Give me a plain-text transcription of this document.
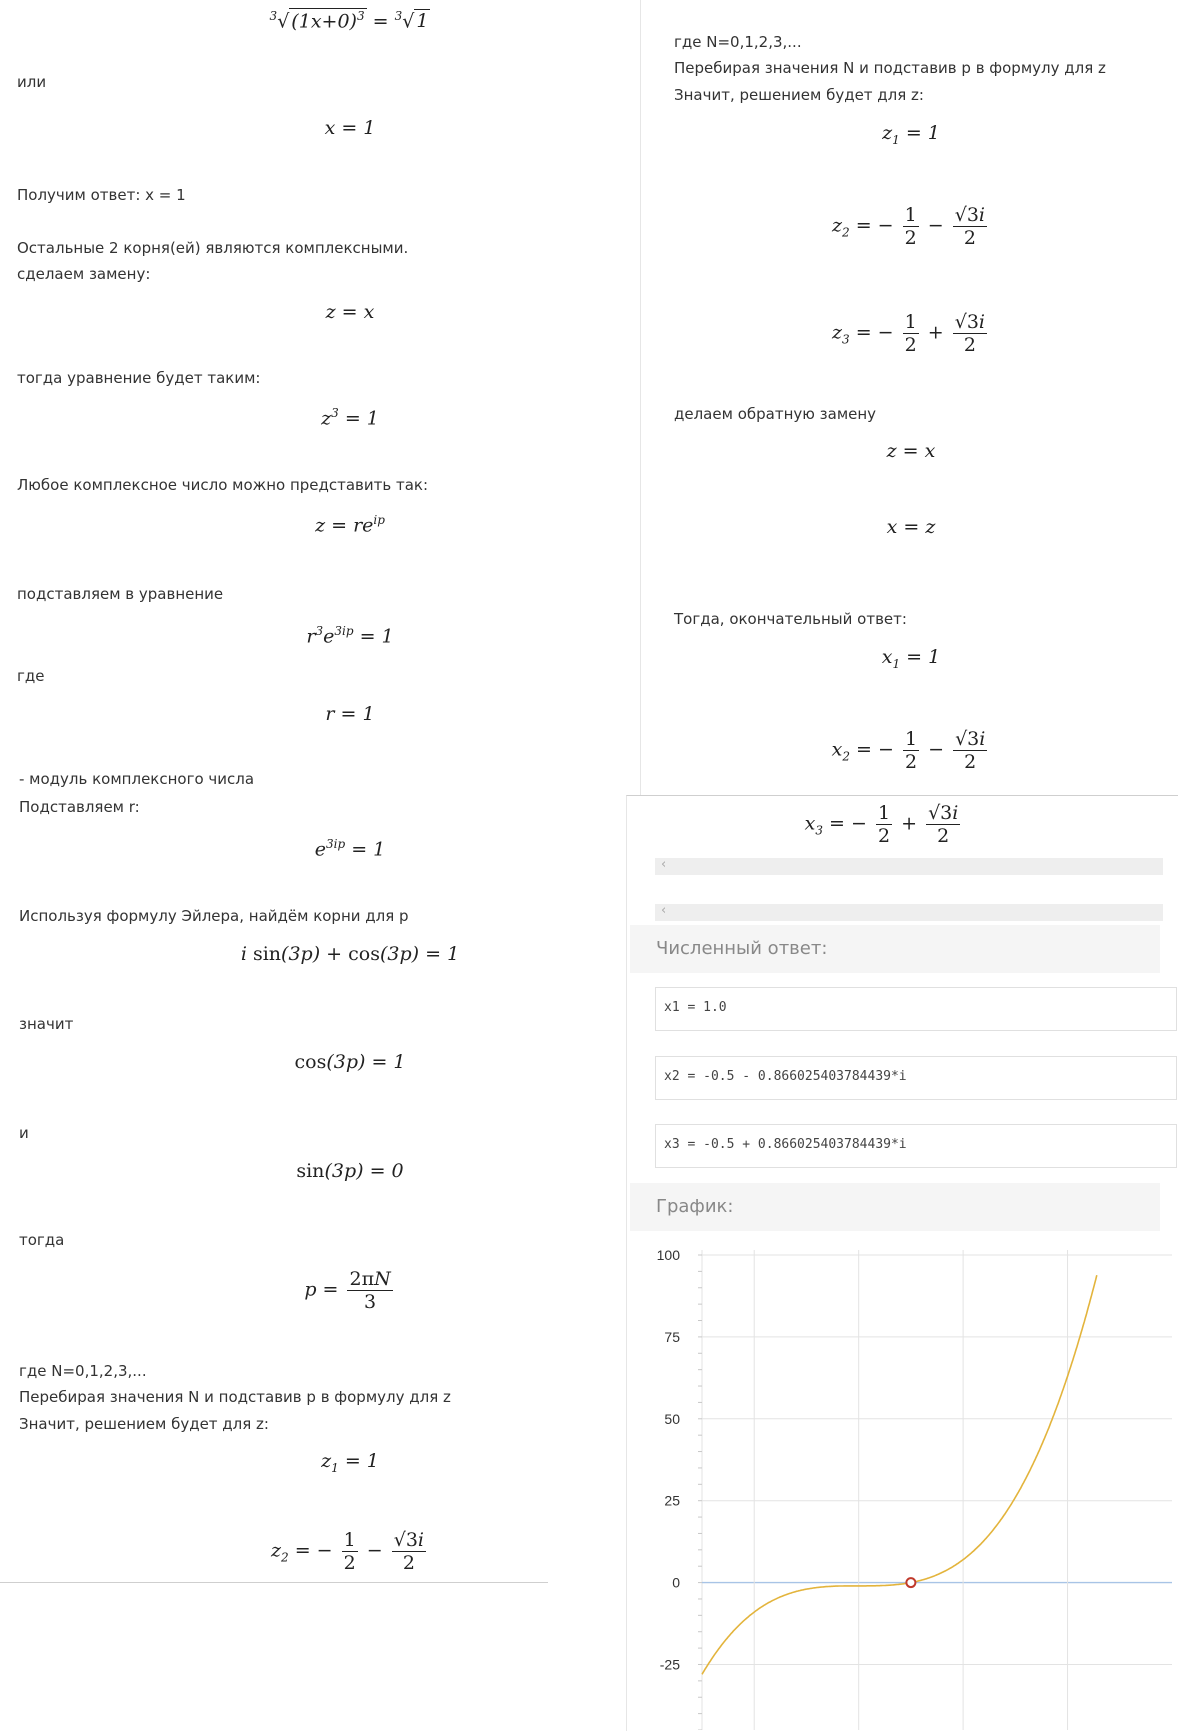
$^3$√ $(1x+0)^3 = ^3√$ 1
или
x = 1
Получим ответ: x = 1
Остальные 2 корня(ей) являются комплексными.
сделаем замену:
z = x
тогда уравнение будет таким:
$z^3 = 1$
Любое комплексное число можно представить так:
$z = re^{ip}$
подставляем в уравнение
$r^3e^{3ip} = 1$
где
r = 1
- модуль комплексного числа
Подставляем r:
$e^{3ip} = 1$
Используя формулу Эйлера, найдём корни для p
i sin(3p) + cos(3p) = 1
значит
cos(3p) = 1
и
sin(3p) = 0
тогда
$p = \frac{2\pi N}{3}$
где N=0,1,2,3,...
Перебирая значения N и подставив p в формулу для z
Значит, решением будет для z:
$z_1 = 1$
$z_2$ = − $\frac{1}{2} - \frac{√3i}{2}$
где N=0,1,2,3,...
Перебирая значения N и подставив p в формулу для z
Значит, решением будет для z:
$z_1 = 1$
$z_2$ = − $\frac{1}{2} - \frac{√3i}{2}$
$z_3$ = − $\frac{1}{2} + \frac{√3i}{2}$
делаем обратную замену
z = x
x = z
Тогда, окончательный ответ:
$x_1 = 1$
$x_2$ = − $\frac{1}{2} - \frac{√3i}{2}$
$x_3$ = − $\frac{1}{2} + \frac{√3i}{2}$
‹
‹
Численный ответ:
x1 = 1.0
x2 = -0.5 - 0.866025403784439*i
x3 = -0.5 + 0.866025403784439*i
График:
100
75
50
25
0
-25
